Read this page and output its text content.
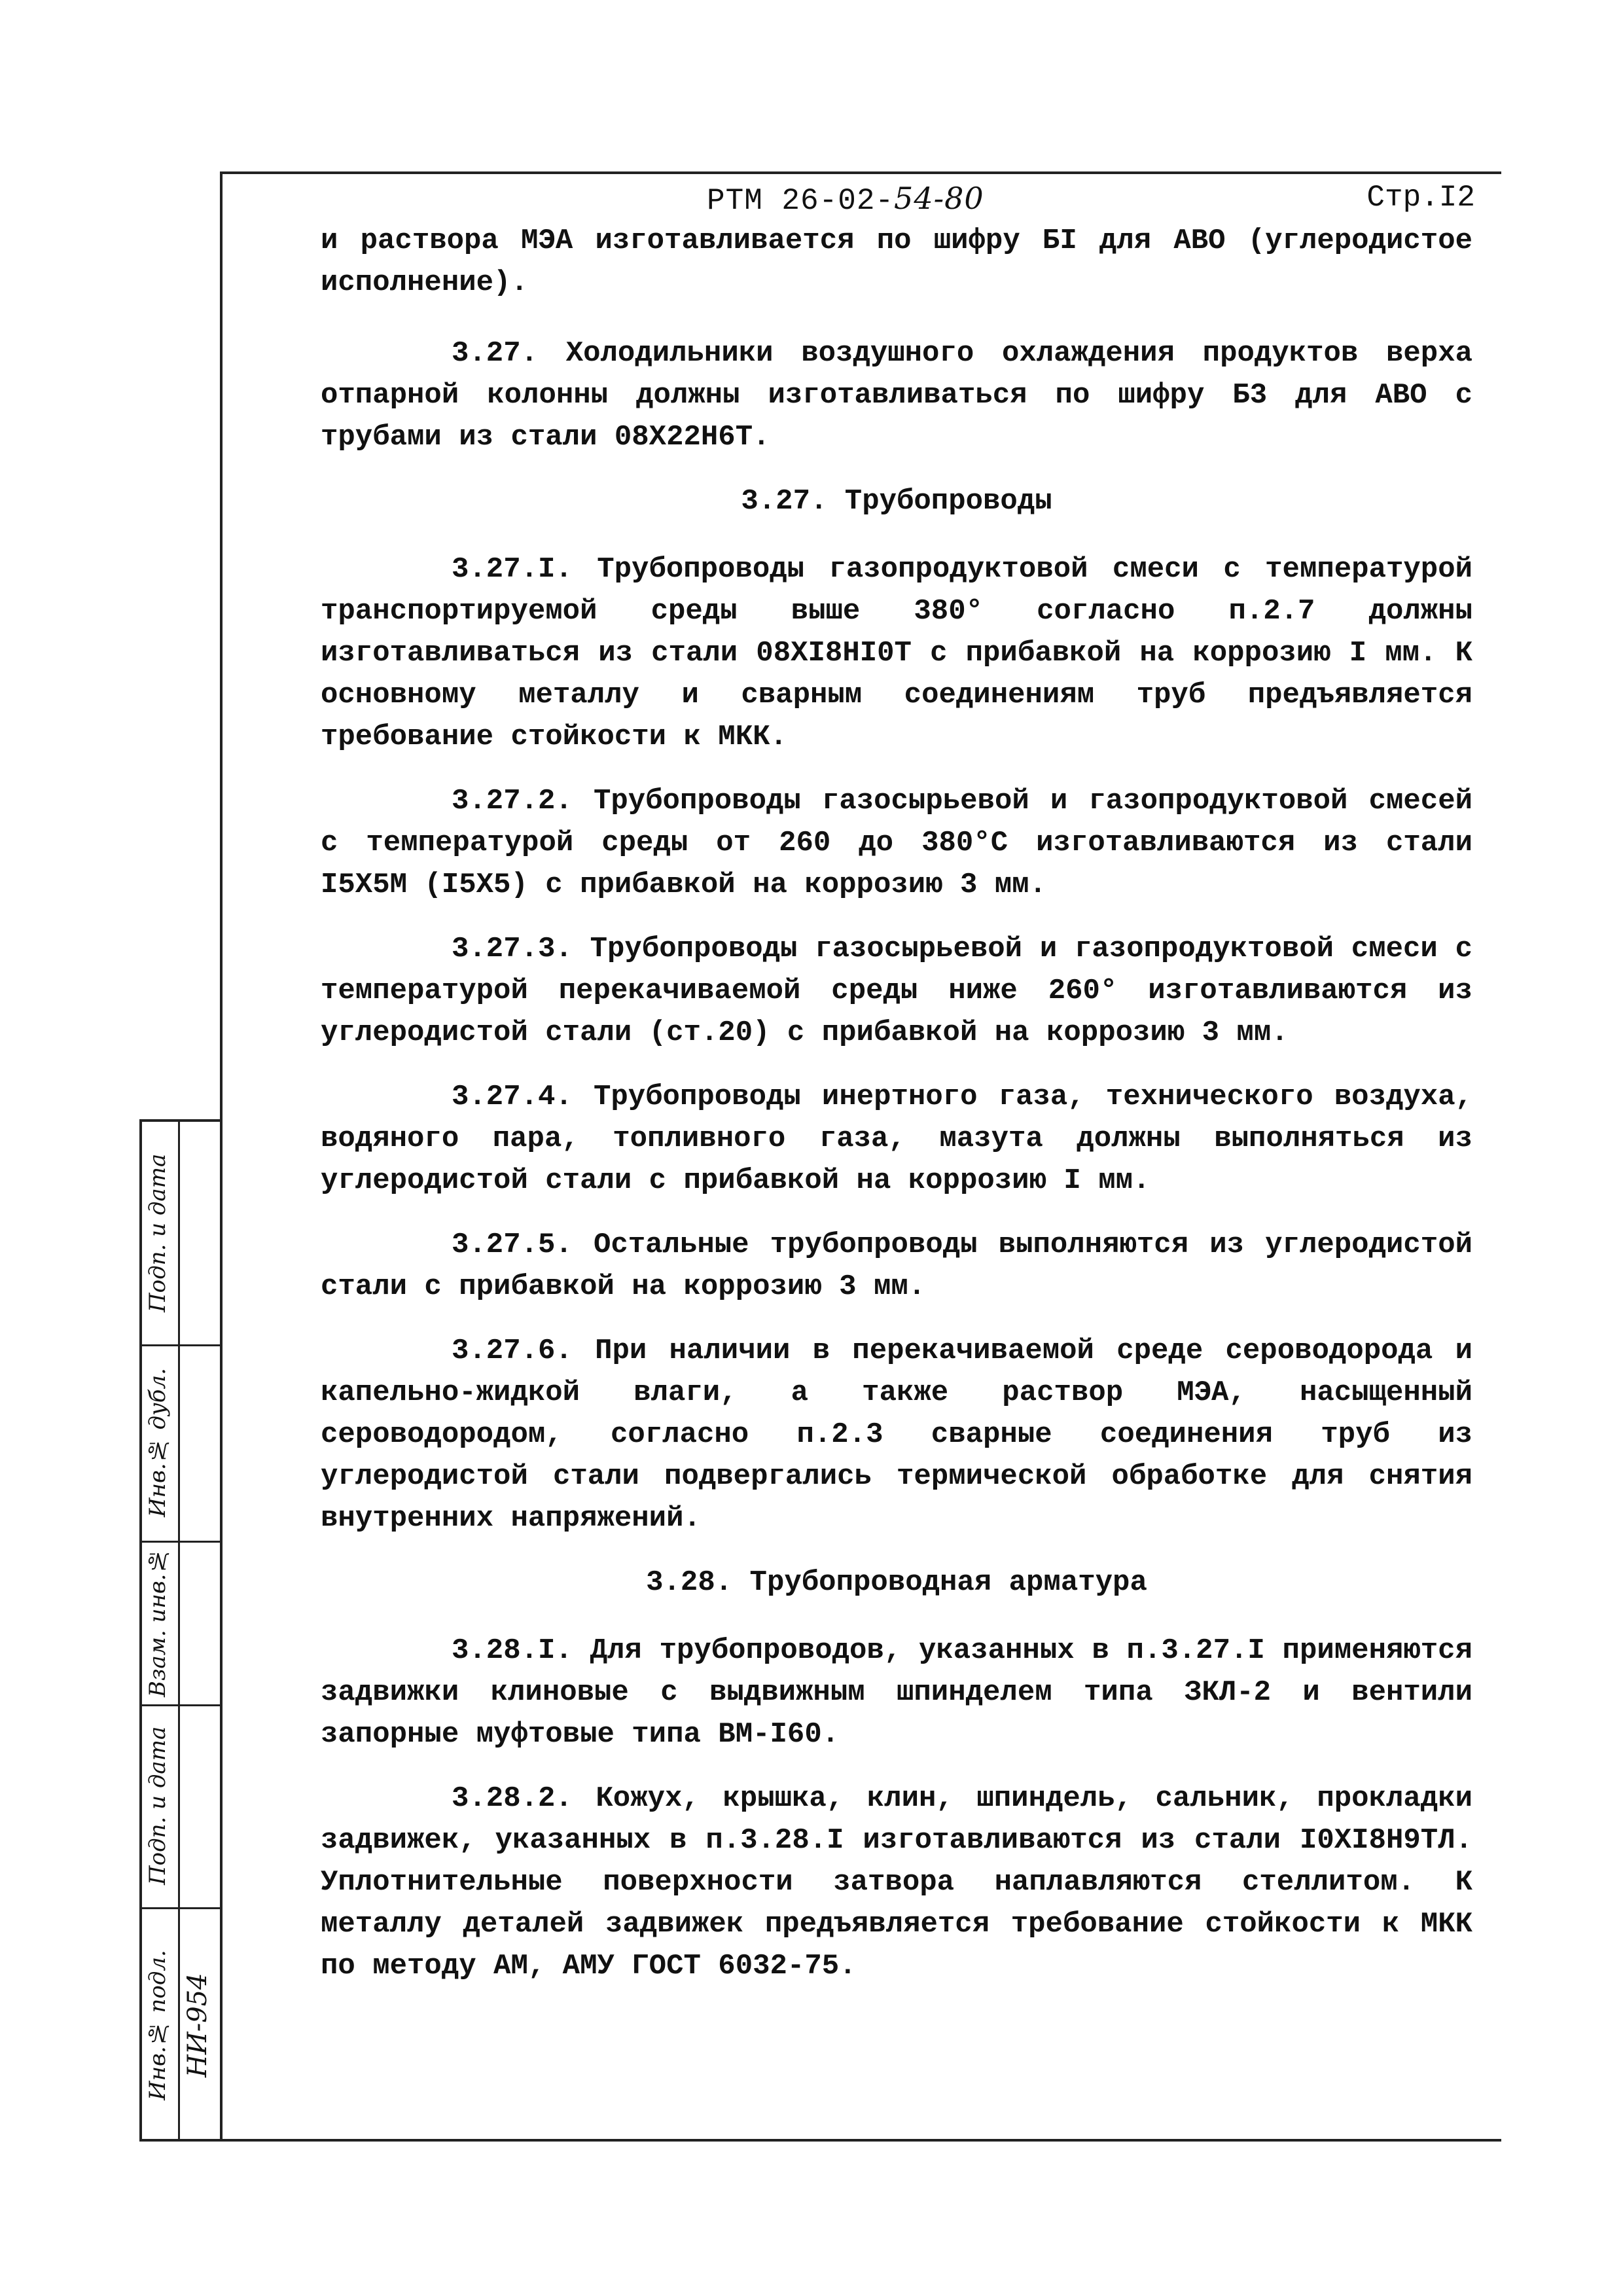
РТМ 26-02-54-80	Стр.I2

и раствора МЭА изготавливается по шифру БI для АВО (углеродистое исполнение).

3.27. Холодильники воздушного охлаждения продуктов верха отпарной колонны должны изготавливаться по шифру Б3 для АВО с трубами из стали 08Х22Н6Т.

3.27. Трубопроводы

3.27.I. Трубопроводы газопродуктовой смеси с температурой транспортируемой среды выше 380° согласно п.2.7 должны изготавливаться из стали 08ХI8НI0Т с прибавкой на коррозию I мм. К основному металлу и сварным соединениям труб предъявляется требование стойкости к МКК.

3.27.2. Трубопроводы газосырьевой и газопродуктовой смесей с температурой среды от 260 до 380°С изготавливаются из стали I5Х5М (I5Х5) с прибавкой на коррозию 3 мм.

3.27.3. Трубопроводы газосырьевой и газопродуктовой смеси с температурой перекачиваемой среды ниже 260° изготавливаются из углеродистой стали (ст.20) с прибавкой на коррозию 3 мм.

3.27.4. Трубопроводы инертного газа, технического воздуха, водяного пара, топливного газа, мазута должны выполняться из углеродистой стали с прибавкой на коррозию I мм.

3.27.5. Остальные трубопроводы выполняются из углеродистой стали с прибавкой на коррозию 3 мм.

3.27.6. При наличии в перекачиваемой среде сероводорода и капельно-жидкой влаги, а также раствор МЭА, насыщенный сероводородом, согласно п.2.3 сварные соединения труб из углеродистой стали подвергались термической обработке для снятия внутренних напряжений.

3.28. Трубопроводная арматура

3.28.I. Для трубопроводов, указанных в п.3.27.I применяются задвижки клиновые с выдвижным шпинделем типа ЗКЛ-2 и вентили запорные муфтовые типа ВМ-I60.

3.28.2. Кожух, крышка, клин, шпиндель, сальник, прокладки задвижек, указанных в п.3.28.I изготавливаются из стали I0ХI8Н9ТЛ. Уплотнительные поверхности затвора наплавляются стеллитом. К металлу деталей задвижек предъявляется требование стойкости к МКК по методу АМ, АМУ ГОСТ 6032-75.

Подп. и дата
Инв.№ дубл.
Взам. инв.№
Подп. и дата
Инв.№ подл. НИ-954
